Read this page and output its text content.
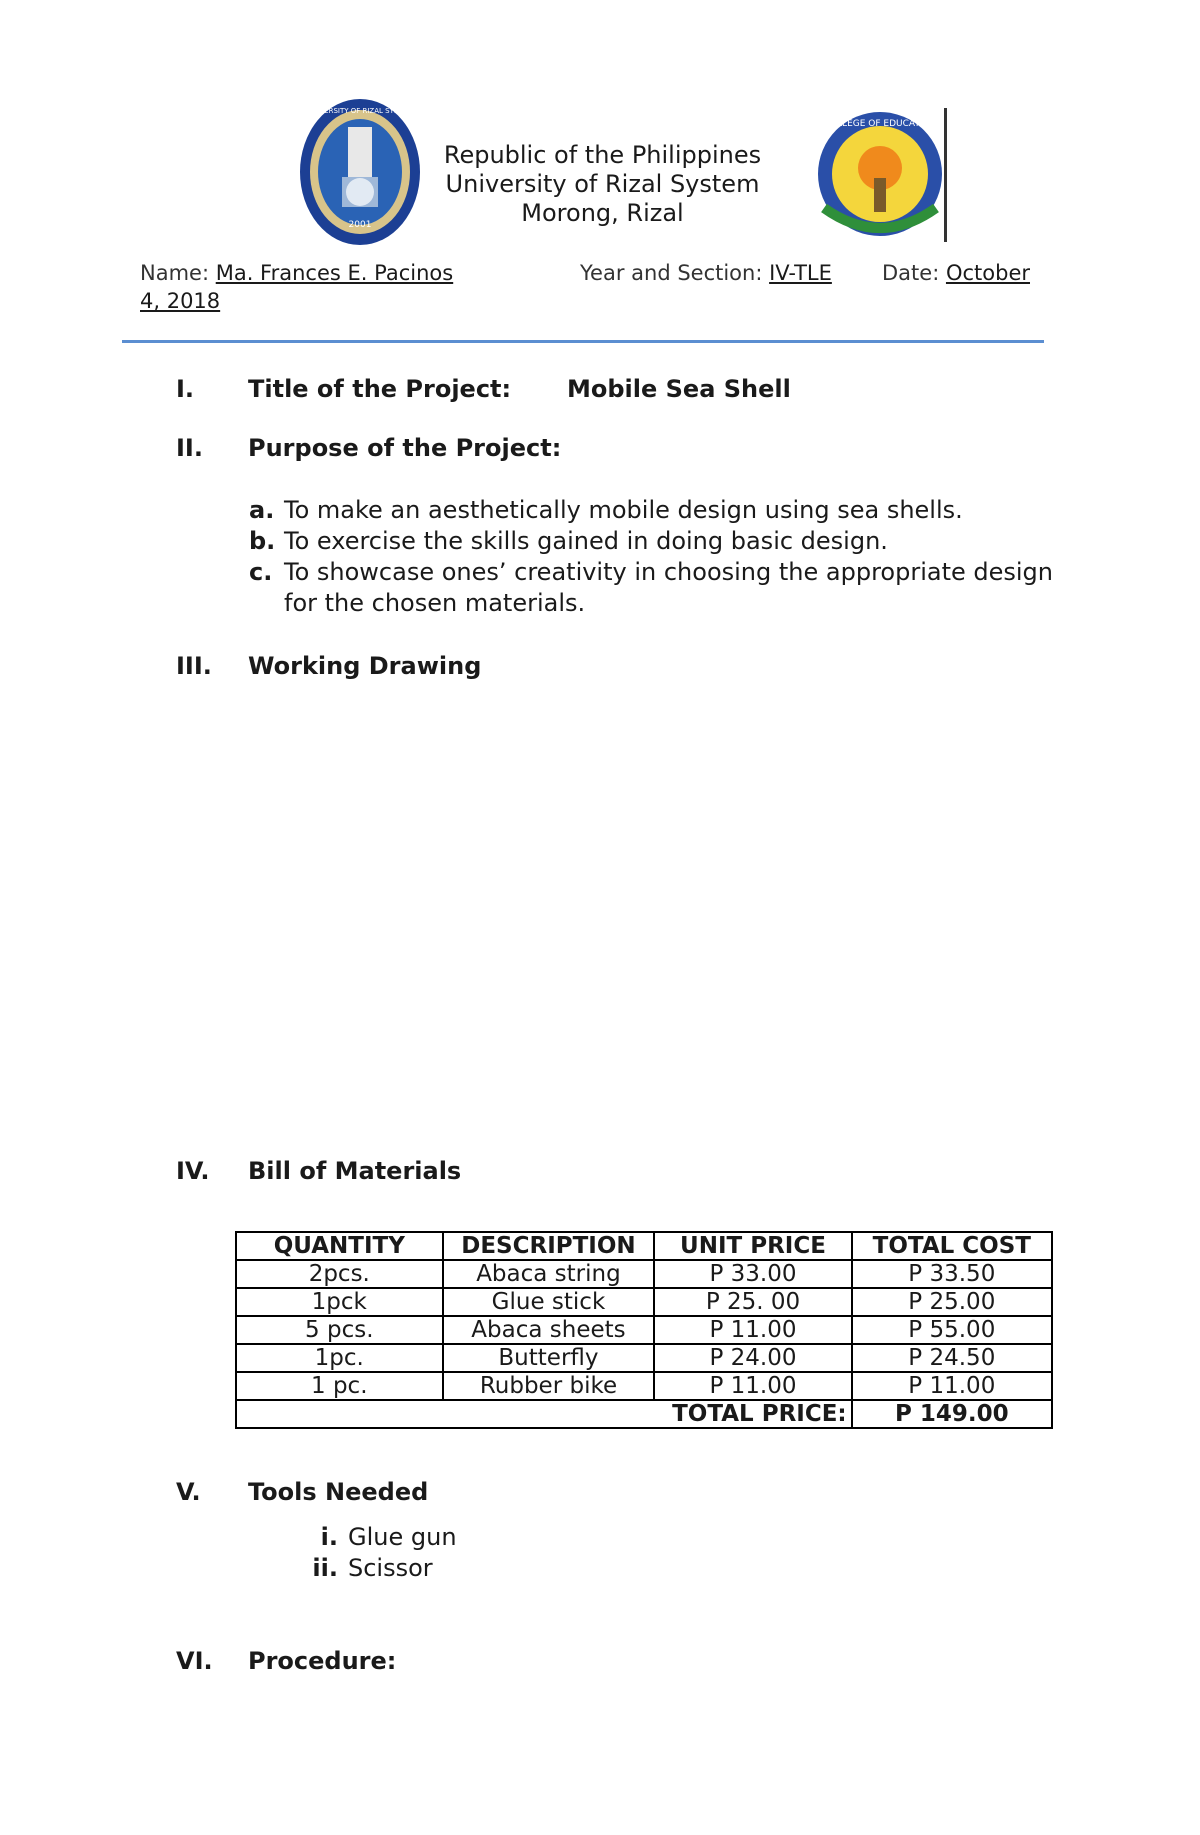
2001
UNIVERSITY OF RIZAL SYSTEM
Republic of the Philippines
University of Rizal System
Morong, Rizal
COLLEGE OF EDUCATION
Name: Ma. Frances E. Pacinos	Year and Section: IV-TLE Date: October
4, 2018
I. Title of the Project: Mobile Sea Shell
II. Purpose of the Project:
a. To make an aesthetically mobile design using sea shells.
b. To exercise the skills gained in doing basic design.
c. To showcase ones’ creativity in choosing the appropriate design for the chosen materials.
III. Working Drawing
IV. Bill of Materials
QUANTITY	DESCRIPTION	UNIT PRICE	TOTAL COST
2pcs.	Abaca string	P 33.00	P 33.50
1pck	Glue stick	P 25. 00	P 25.00
5 pcs.	Abaca sheets	P 11.00	P 55.00
1pc.	Butterfly	P 24.00	P 24.50
1 pc.	Rubber bike	P 11.00	P 11.00
TOTAL PRICE:			P 149.00
V. Tools Needed
i. Glue gun
ii. Scissor
VI. Procedure:
